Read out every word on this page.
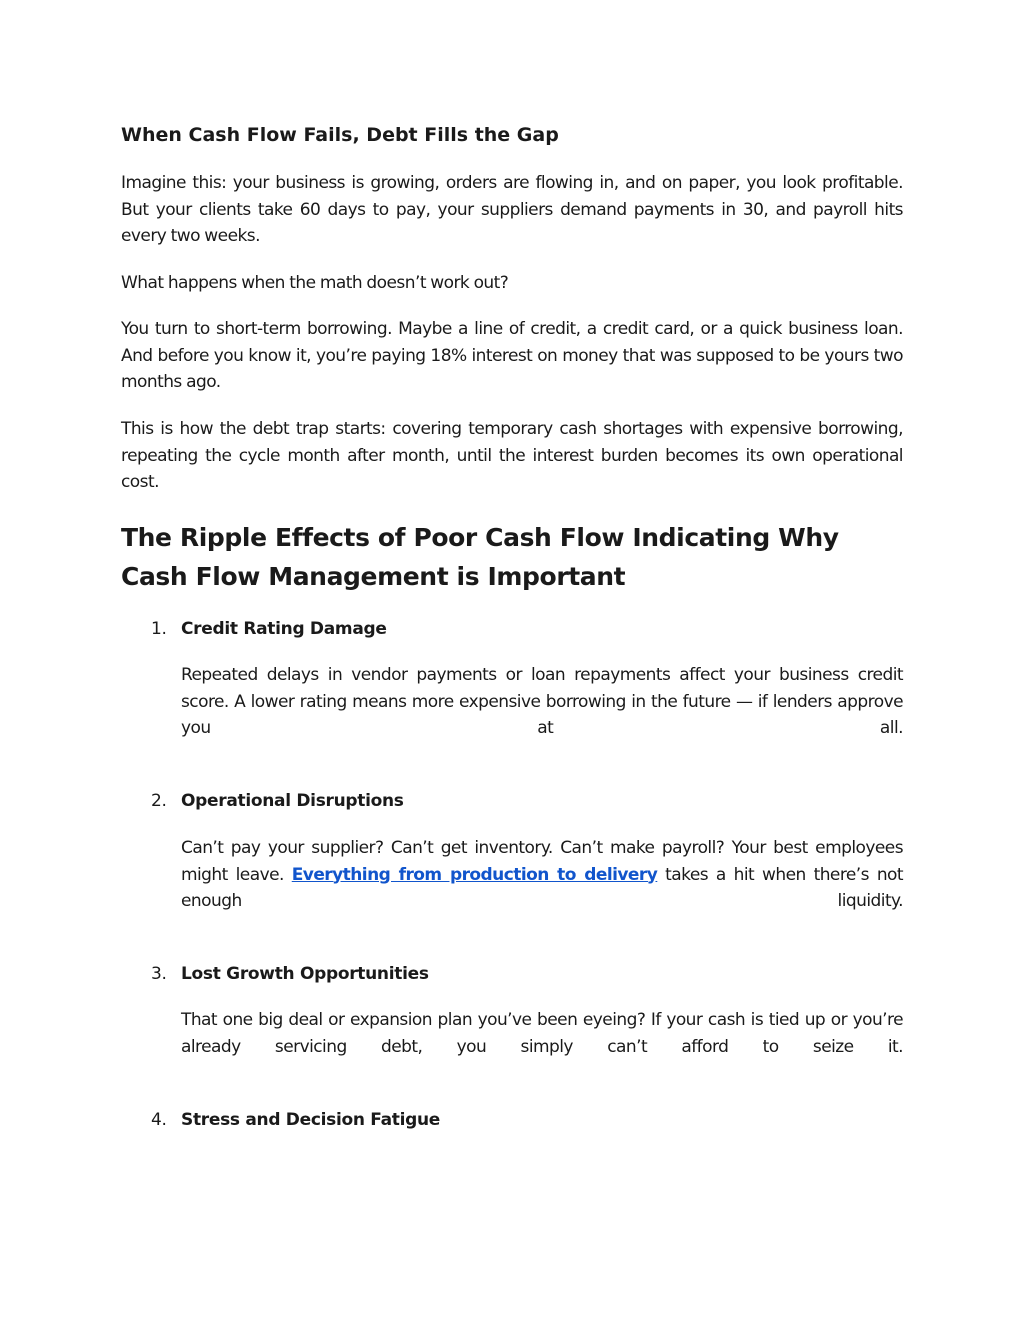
When Cash Flow Fails, Debt Fills the Gap

Imagine this: your business is growing, orders are flowing in, and on paper, you look profitable. But your clients take 60 days to pay, your suppliers demand payments in 30, and payroll hits every two weeks.

What happens when the math doesn’t work out?

You turn to short-term borrowing. Maybe a line of credit, a credit card, or a quick business loan. And before you know it, you’re paying 18% interest on money that was supposed to be yours two months ago.

This is how the debt trap starts: covering temporary cash shortages with expensive borrowing, repeating the cycle month after month, until the interest burden becomes its own operational cost.

The Ripple Effects of Poor Cash Flow Indicating Why Cash Flow Management is Important
1. Credit Rating Damage

Repeated delays in vendor payments or loan repayments affect your business credit score. A lower rating means more expensive borrowing in the future — if lenders approve you at all.

2. Operational Disruptions

Can’t pay your supplier? Can’t get inventory. Can’t make payroll? Your best employees might leave. Everything from production to delivery takes a hit when there’s not enough liquidity.

3. Lost Growth Opportunities

That one big deal or expansion plan you’ve been eyeing? If your cash is tied up or you’re already servicing debt, you simply can’t afford to seize it.

4. Stress and Decision Fatigue
